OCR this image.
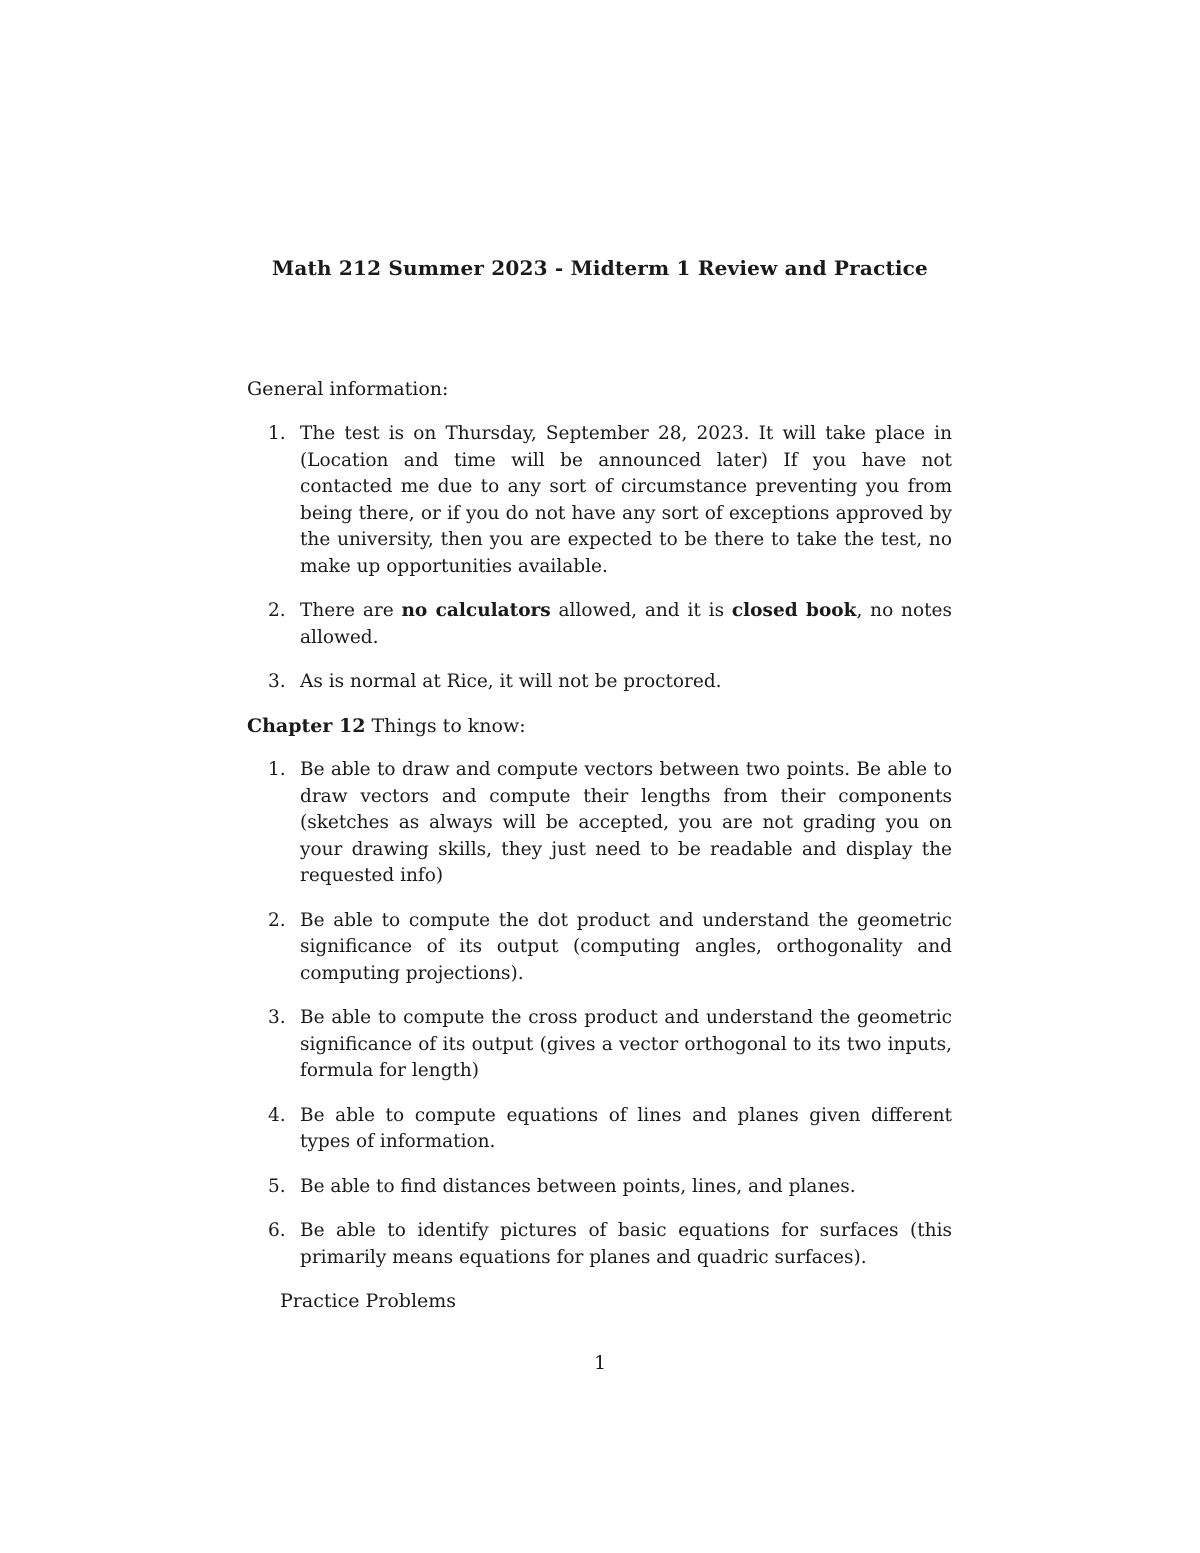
Math 212 Summer 2023 - Midterm 1 Review and Practice
General information:
1. The test is on Thursday, September 28, 2023. It will take place in (Location and time will be announced later) If you have not contacted me due to any sort of circumstance preventing you from being there, or if you do not have any sort of exceptions approved by the university, then you are expected to be there to take the test, no make up opportunities available.
2. There are no calculators allowed, and it is closed book, no notes allowed.
3. As is normal at Rice, it will not be proctored.
Chapter 12 Things to know:
1. Be able to draw and compute vectors between two points. Be able to draw vectors and compute their lengths from their components (sketches as always will be accepted, you are not grading you on your drawing skills, they just need to be readable and display the requested info)
2. Be able to compute the dot product and understand the geometric significance of its output (computing angles, orthogonality and computing projections).
3. Be able to compute the cross product and understand the geometric significance of its output (gives a vector orthogonal to its two inputs, formula for length)
4. Be able to compute equations of lines and planes given different types of information.
5. Be able to find distances between points, lines, and planes.
6. Be able to identify pictures of basic equations for surfaces (this primarily means equations for planes and quadric surfaces).
Practice Problems
1
